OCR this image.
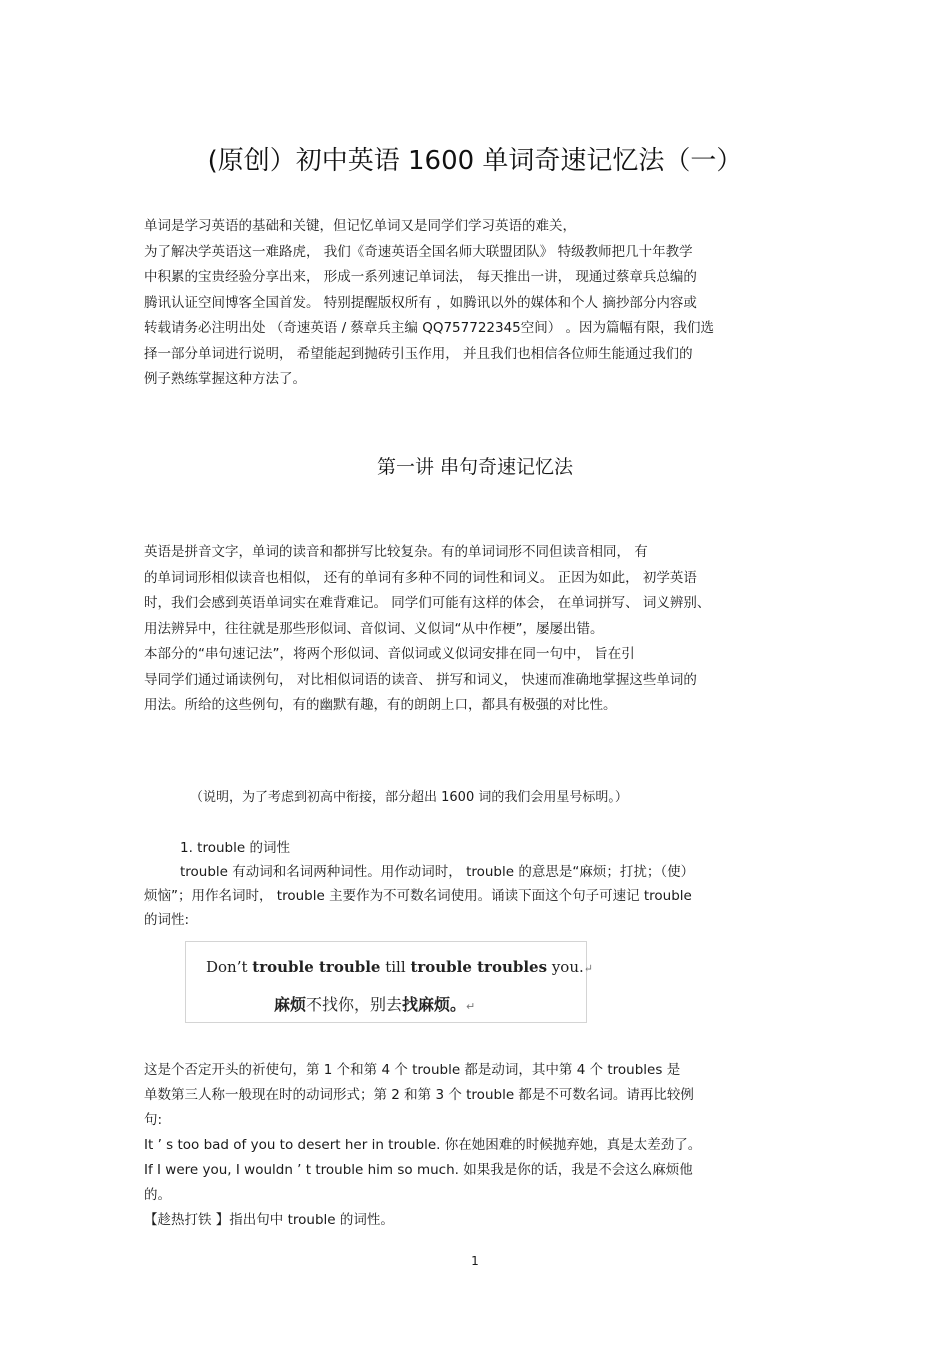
(原创）初中英语 1600 单词奇速记忆法（一）

单词是学习英语的基础和关键，但记忆单词又是同学们学习英语的难关，

为了解决学英语这一难路虎， 我们《奇速英语全国名师大联盟团队》 特级教师把几十年教学

中积累的宝贵经验分享出来， 形成一系列速记单词法， 每天推出一讲， 现通过蔡章兵总编的

腾讯认证空间博客全国首发。 特别提醒版权所有 ，如腾讯以外的媒体和个人 摘抄部分内容或

转载请务必注明出处 （奇速英语 / 蔡章兵主编 QQ757722345空间） 。因为篇幅有限，我们选

择一部分单词进行说明， 希望能起到抛砖引玉作用， 并且我们也相信各位师生能通过我们的

例子熟练掌握这种方法了。

第一讲 串句奇速记忆法

英语是拼音文字，单词的读音和都拼写比较复杂。有的单词词形不同但读音相同， 有

的单词词形相似读音也相似， 还有的单词有多种不同的词性和词义。 正因为如此， 初学英语

时，我们会感到英语单词实在难背难记。 同学们可能有这样的体会， 在单词拼写、 词义辨别、

用法辨异中，往往就是那些形似词、音似词、义似词“从中作梗”，屡屡出错。

本部分的“串句速记法”，将两个形似词、音似词或义似词安排在同一句中， 旨在引

导同学们通过诵读例句， 对比相似词语的读音、 拼写和词义， 快速而准确地掌握这些单词的

用法。所给的这些例句，有的幽默有趣，有的朗朗上口，都具有极强的对比性。

（说明，为了考虑到初高中衔接，部分超出 1600 词的我们会用星号标明。）

1. trouble 的词性

trouble 有动词和名词两种词性。用作动词时， trouble 的意思是“麻烦；打扰；（使）

烦恼”；用作名词时， trouble 主要作为不可数名词使用。诵读下面这个句子可速记 trouble

的词性:

Don’t trouble trouble till trouble troubles you.↵
麻烦不找你，别去找麻烦。↵

这是个否定开头的祈使句，第 1 个和第 4 个 trouble 都是动词，其中第 4 个 troubles 是

单数第三人称一般现在时的动词形式；第 2 和第 3 个 trouble 都是不可数名词。请再比较例

句:

It ’ s too bad of you to desert her in trouble. 你在她困难的时候抛弃她，真是太差劲了。

If I were you, I wouldn ’ t trouble him so much. 如果我是你的话，我是不会这么麻烦他

的。

【趁热打铁 】指出句中 trouble 的词性。

1
